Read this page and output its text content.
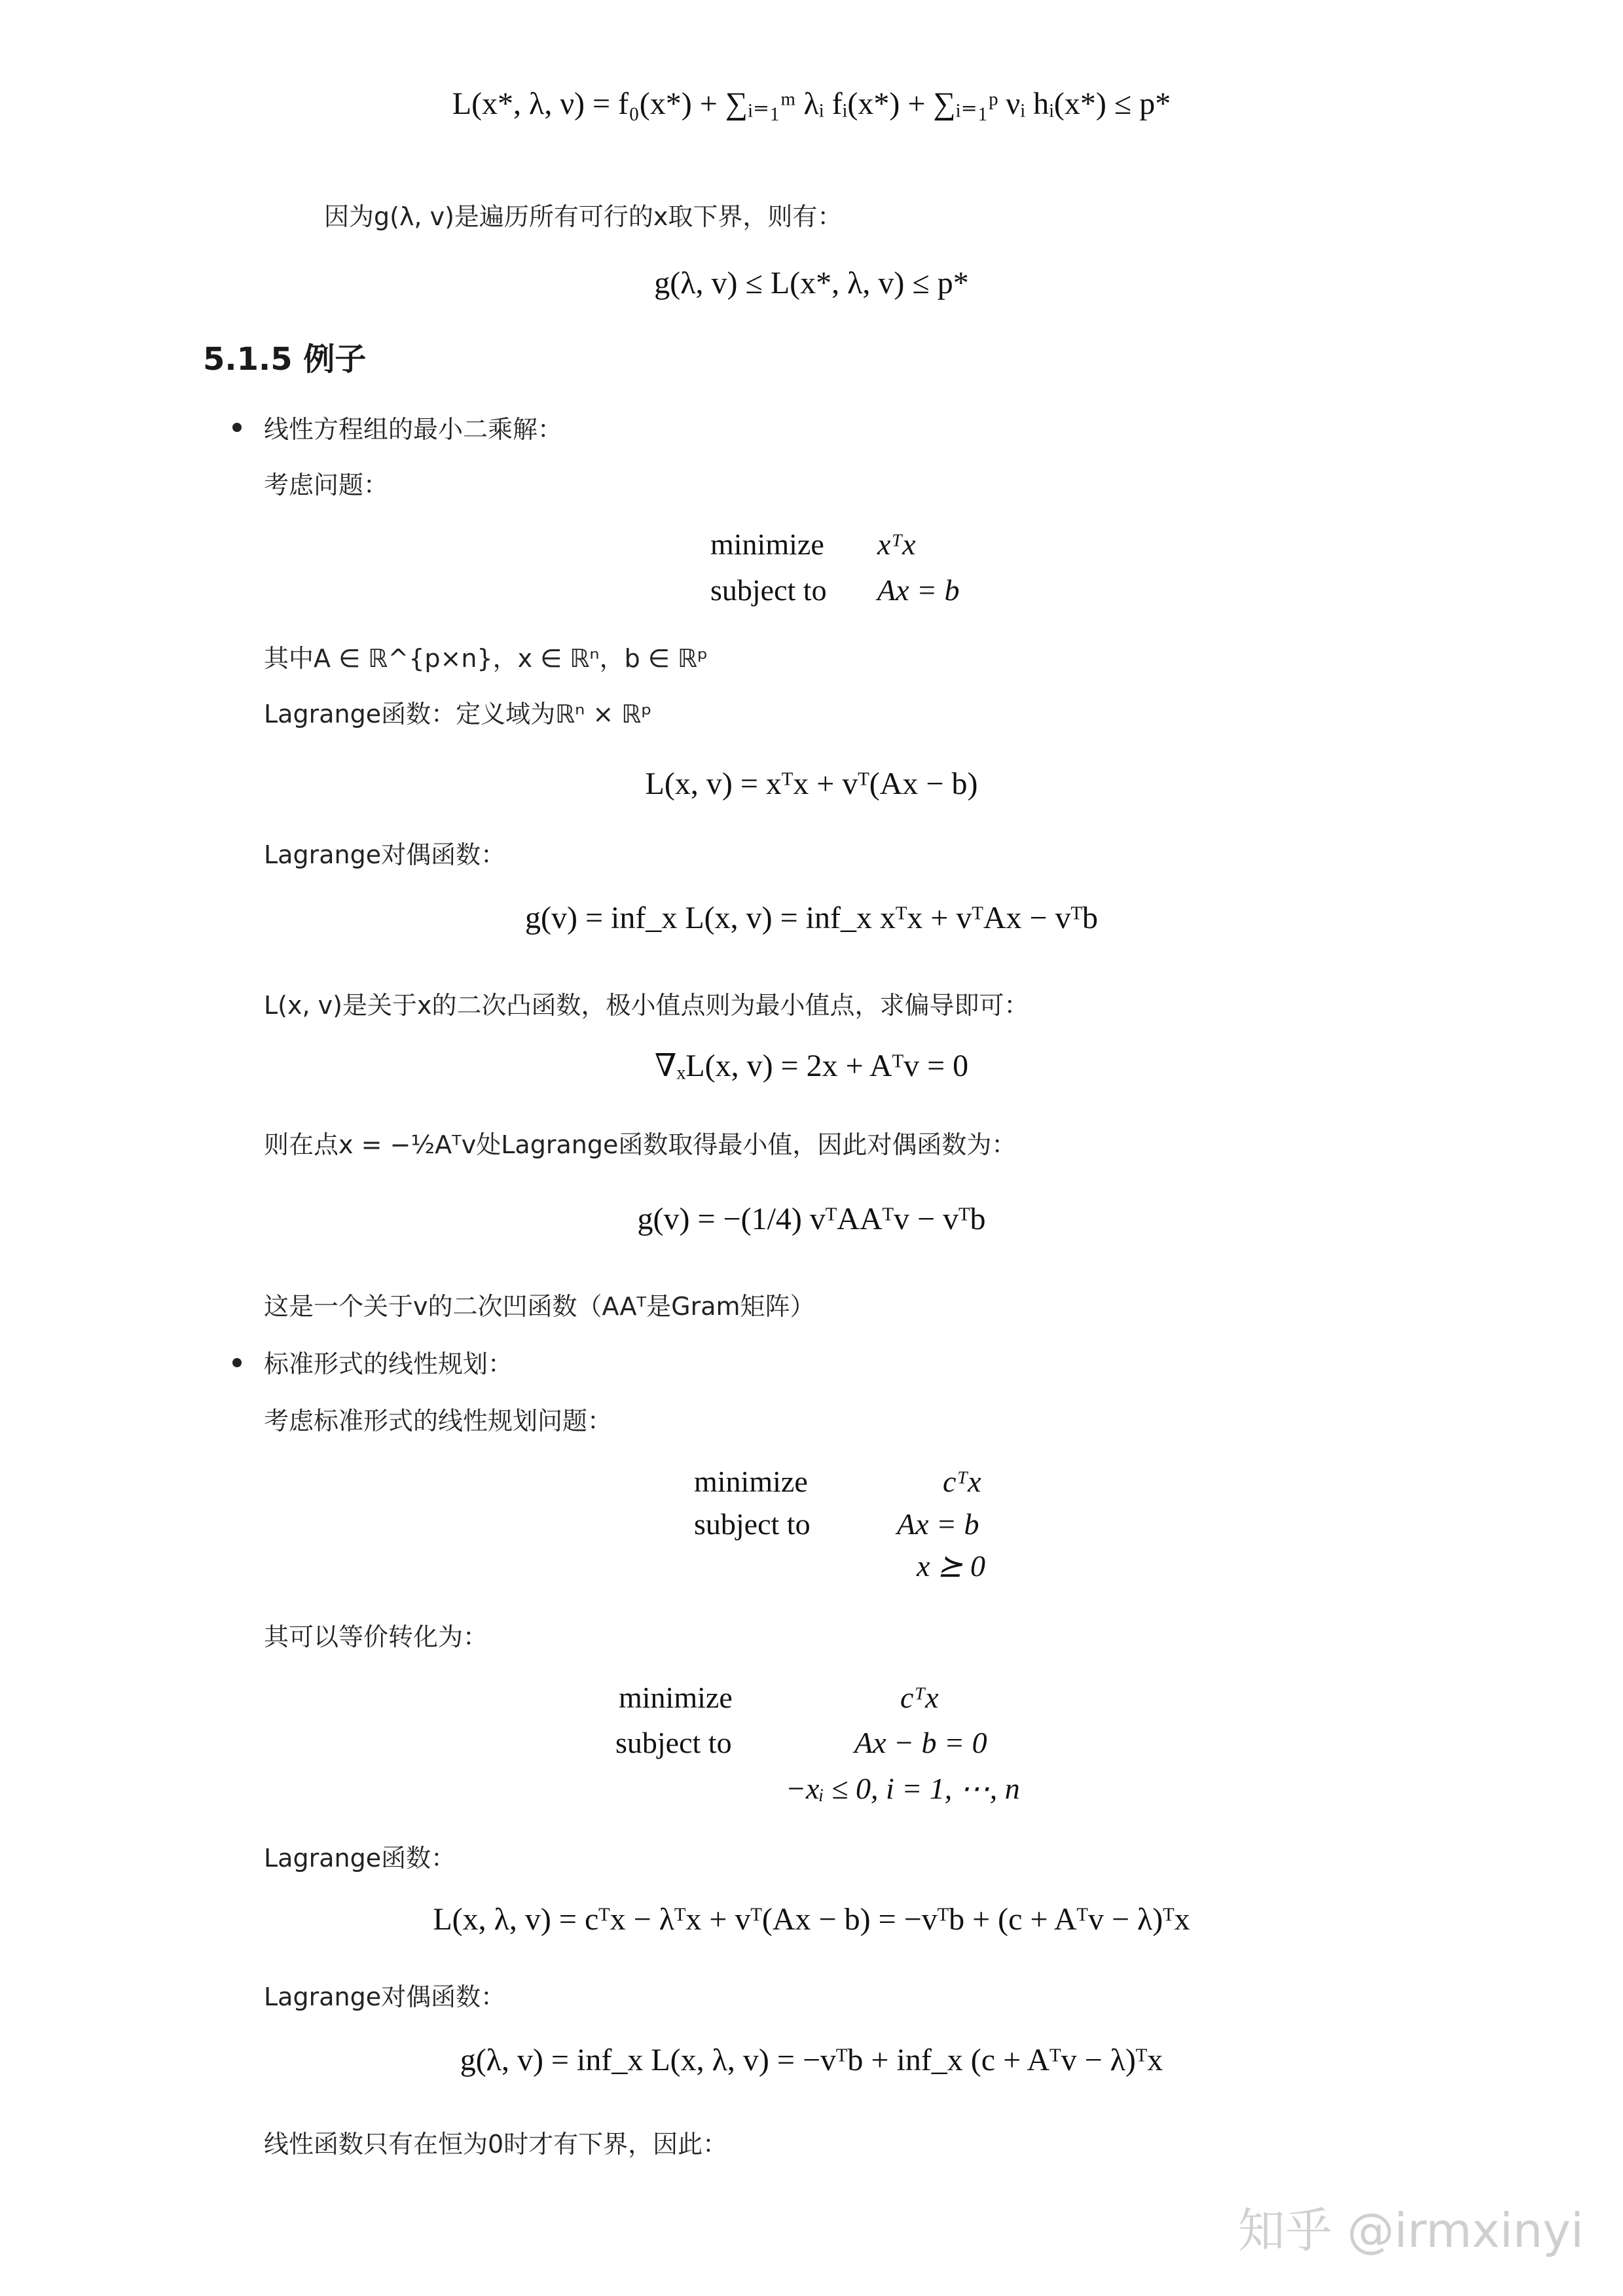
L(x*, λ, ν) = f₀(x*) + ∑ᵢ₌₁ᵐ λᵢ fᵢ(x*) + ∑ᵢ₌₁ᵖ νᵢ hᵢ(x*) ≤ p*
因为g(λ, v)是遍历所有可行的x取下界，则有：
g(λ, v) ≤ L(x*, λ, v) ≤ p*
5.1.5 例子
线性方程组的最小二乘解：
考虑问题：
minimize xᵀx
subject to Ax = b
其中A ∈ ℝ^{p×n}，x ∈ ℝⁿ，b ∈ ℝᵖ
Lagrange函数：定义域为ℝⁿ × ℝᵖ
L(x, v) = xᵀx + vᵀ(Ax − b)
Lagrange对偶函数：
g(v) = inf_x L(x, v) = inf_x xᵀx + vᵀAx − vᵀb
L(x, v)是关于x的二次凸函数，极小值点则为最小值点，求偏导即可：
∇ₓL(x, v) = 2x + Aᵀv = 0
则在点x = −½Aᵀv处Lagrange函数取得最小值，因此对偶函数为：
g(v) = −(1/4) vᵀAAᵀv − vᵀb
这是一个关于v的二次凹函数（AAᵀ是Gram矩阵）
标准形式的线性规划：
考虑标准形式的线性规划问题：
minimize	cᵀx
subject to	Ax = b
x ⪰ 0
其可以等价转化为：
minimize	cᵀx
subject to	Ax − b = 0
−xᵢ ≤ 0, i = 1, ⋯, n
Lagrange函数：
L(x, λ, v) = cᵀx − λᵀx + vᵀ(Ax − b) = −vᵀb + (c + Aᵀv − λ)ᵀx
Lagrange对偶函数：
g(λ, v) = inf_x L(x, λ, v) = −vᵀb + inf_x (c + Aᵀv − λ)ᵀx
线性函数只有在恒为0时才有下界，因此：
知乎 @irmxinyi
